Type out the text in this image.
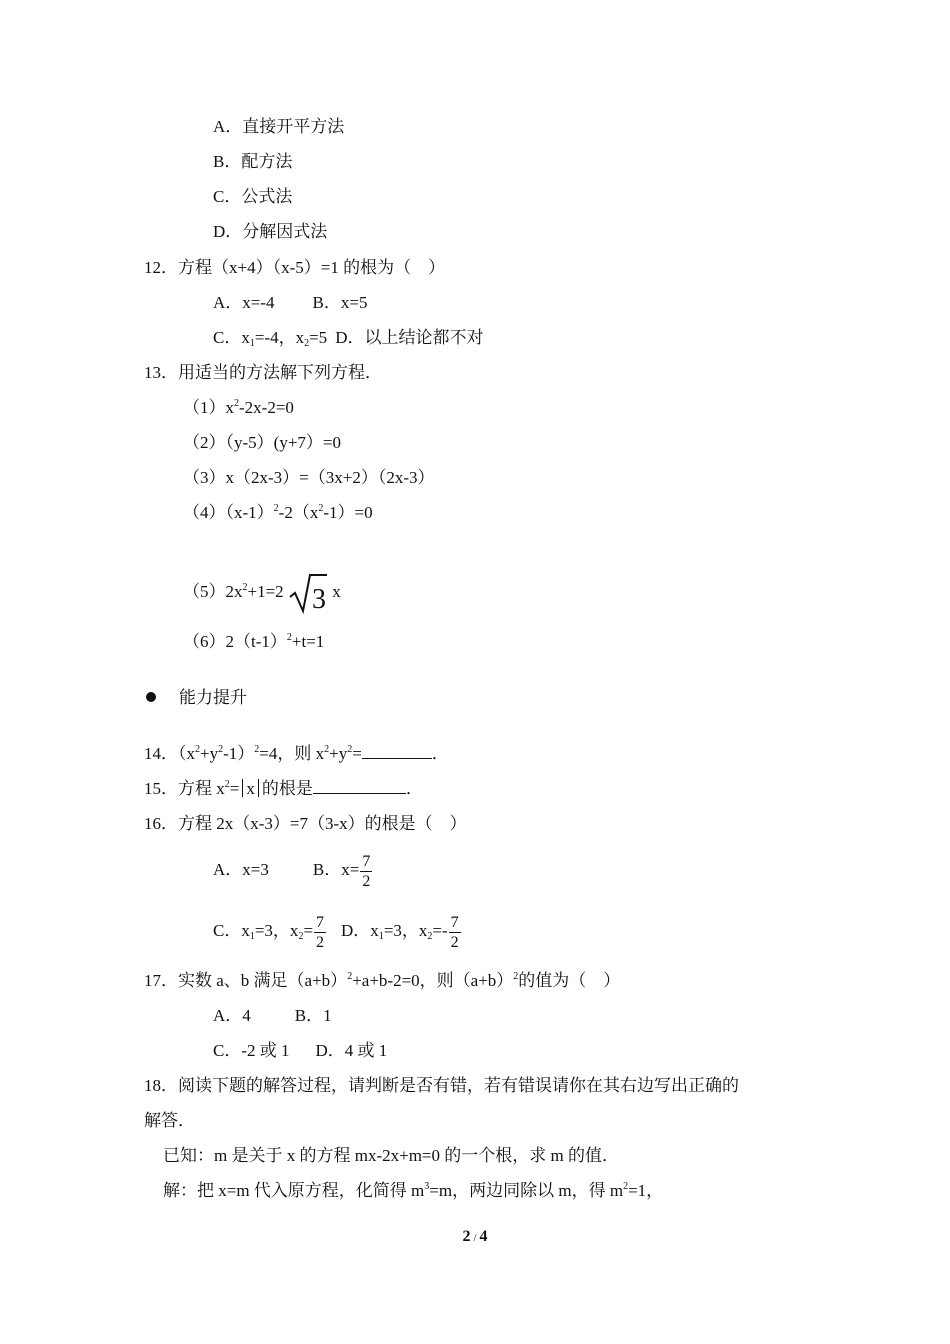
A．直接开平方法
B．配方法
C．公式法
D．分解因式法
12．方程（x+4）（x-5）=1 的根为（　）
A．x=-4 B．x=5
C．$x_1=-4$，$x_2=5$ D．以上结论都不对
13．用适当的方法解下列方程．
$(1)x^2-2x-2=0$
（2）（y-5）(y+7）=0
（3）x（2x-3）=（3x+2）（2x-3）
$(4)(x-1)^2-2(x^2-1)=0$
$(5)2x^2+1=2$ 3 x
$(6)2(t-1)^2+t=1$
能力提升
14．$(x^2+y^2-1)^2=4$，则 $x^2+y^2=$	．
15．方程 $x^2= x$ 的根是	．
16．方程 2x（x-3）=7（3-x）的根是（　）
A．x=3	B．$x= \frac{7}{2}$
C．$x_1=3$，$x_2= \frac{7}{2}$ D．$x_1=3$，$x_2=- \frac{7}{2}$
17．实数 a、b 满足$(a+b)^2+a+b-2=0$，则$(a+b)^2$的值为（　）
A．4	B．1
C．-2 或 1 D．4 或 1
18．阅读下题的解答过程，请判断是否有错，若有错误请你在其右边写出正确的
解答．
已知：m 是关于 x 的方程 mx-2x+m=0 的一个根，求 m 的值．
解：把 x=m 代入原方程，化简得 $m^3=m$，两边同除以 m，得 $m^2=1$，
2 / 4
